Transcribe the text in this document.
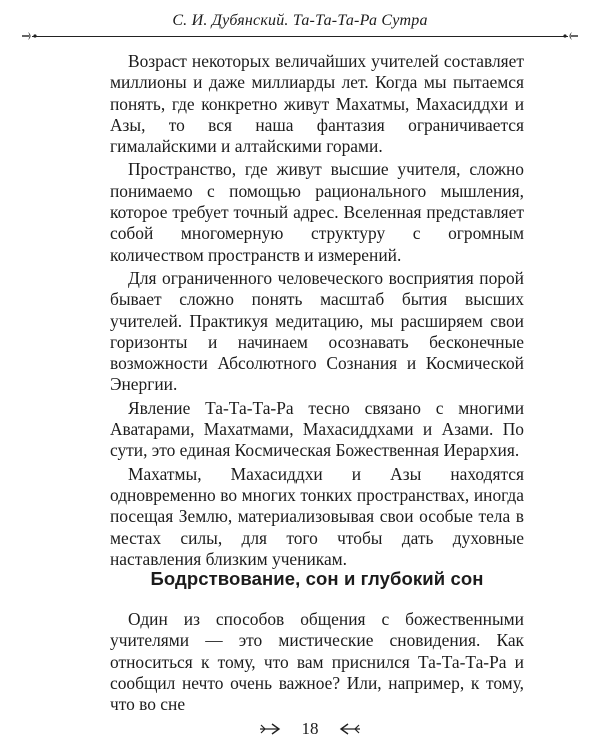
С. И. Дубянский. Та-Та-Та-Ра Сутра

Возраст некоторых величайших учителей составляет миллионы и даже миллиарды лет. Когда мы пытаемся понять, где конкретно живут Махатмы, Махасиддхи и Азы, то вся наша фантазия ограничивается гималайскими и алтайскими горами.

Пространство, где живут высшие учителя, сложно понимаемо с помощью рационального мышления, которое требует точный адрес. Вселенная представляет собой многомерную структуру с огромным количеством пространств и измерений.

Для ограниченного человеческого восприятия порой бывает сложно понять масштаб бытия высших учителей. Практикуя медитацию, мы расширяем свои горизонты и начинаем осознавать бесконечные возможности Абсолютного Сознания и Космической Энергии.

Явление Та-Та-Та-Ра тесно связано с многими Аватарами, Махатмами, Махасиддхами и Азами. По сути, это единая Космическая Божественная Иерархия.

Махатмы, Махасиддхи и Азы находятся одновременно во многих тонких пространствах, иногда посещая Землю, материализовывая свои особые тела в местах силы, для того чтобы дать духовные наставления близким ученикам.

Бодрствование, сон и глубокий сон

Один из способов общения с божественными учителями — это мистические сновидения. Как относиться к тому, что вам приснился Та-Та-Та-Ра и сообщил нечто очень важное? Или, например, к тому, что во сне

18
